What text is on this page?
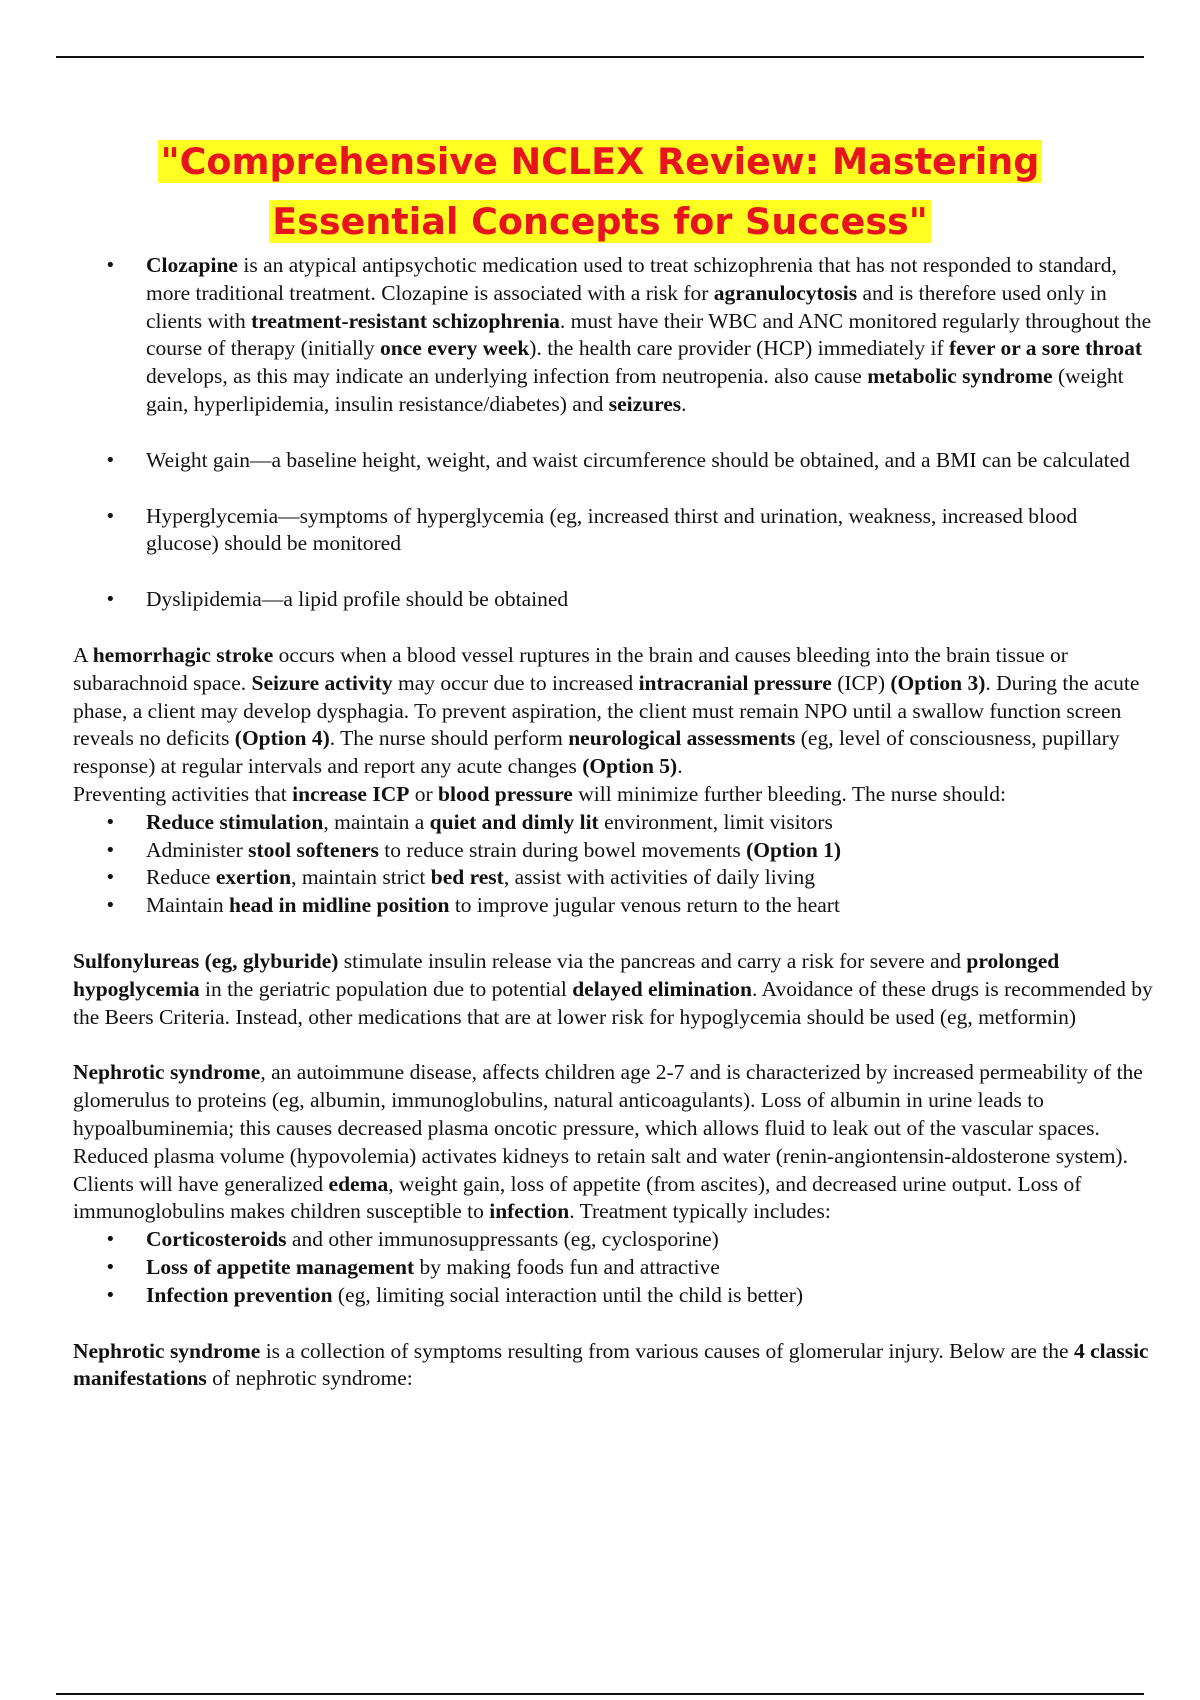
"Comprehensive NCLEX Review: Mastering
Essential Concepts for Success"
• Clozapine is an atypical antipsychotic medication used to treat schizophrenia that has not responded to standard, more traditional treatment. Clozapine is associated with a risk for agranulocytosis and is therefore used only in clients with treatment-resistant schizophrenia. must have their WBC and ANC monitored regularly throughout the course of therapy (initially once every week). the health care provider (HCP) immediately if fever or a sore throat develops, as this may indicate an underlying infection from neutropenia. also cause metabolic syndrome (weight gain, hyperlipidemia, insulin resistance/diabetes) and seizures.
• Weight gain—a baseline height, weight, and waist circumference should be obtained, and a BMI can be calculated
• Hyperglycemia—symptoms of hyperglycemia (eg, increased thirst and urination, weakness, increased blood glucose) should be monitored
• Dyslipidemia—a lipid profile should be obtained

A hemorrhagic stroke occurs when a blood vessel ruptures in the brain and causes bleeding into the brain tissue or subarachnoid space. Seizure activity may occur due to increased intracranial pressure (ICP) (Option 3). During the acute phase, a client may develop dysphagia. To prevent aspiration, the client must remain NPO until a swallow function screen reveals no deficits (Option 4). The nurse should perform neurological assessments (eg, level of consciousness, pupillary response) at regular intervals and report any acute changes (Option 5).

Preventing activities that increase ICP or blood pressure will minimize further bleeding. The nurse should:

• Reduce stimulation, maintain a quiet and dimly lit environment, limit visitors
• Administer stool softeners to reduce strain during bowel movements (Option 1)
• Reduce exertion, maintain strict bed rest, assist with activities of daily living
• Maintain head in midline position to improve jugular venous return to the heart

Sulfonylureas (eg, glyburide) stimulate insulin release via the pancreas and carry a risk for severe and prolonged hypoglycemia in the geriatric population due to potential delayed elimination. Avoidance of these drugs is recommended by the Beers Criteria. Instead, other medications that are at lower risk for hypoglycemia should be used (eg, metformin)

Nephrotic syndrome, an autoimmune disease, affects children age 2-7 and is characterized by increased permeability of the glomerulus to proteins (eg, albumin, immunoglobulins, natural anticoagulants). Loss of albumin in urine leads to hypoalbuminemia; this causes decreased plasma oncotic pressure, which allows fluid to leak out of the vascular spaces. Reduced plasma volume (hypovolemia) activates kidneys to retain salt and water (renin-angiontensin-aldosterone system). Clients will have generalized edema, weight gain, loss of appetite (from ascites), and decreased urine output. Loss of immunoglobulins makes children susceptible to infection. Treatment typically includes:

• Corticosteroids and other immunosuppressants (eg, cyclosporine)
• Loss of appetite management by making foods fun and attractive
• Infection prevention (eg, limiting social interaction until the child is better)

Nephrotic syndrome is a collection of symptoms resulting from various causes of glomerular injury. Below are the 4 classic manifestations of nephrotic syndrome:
